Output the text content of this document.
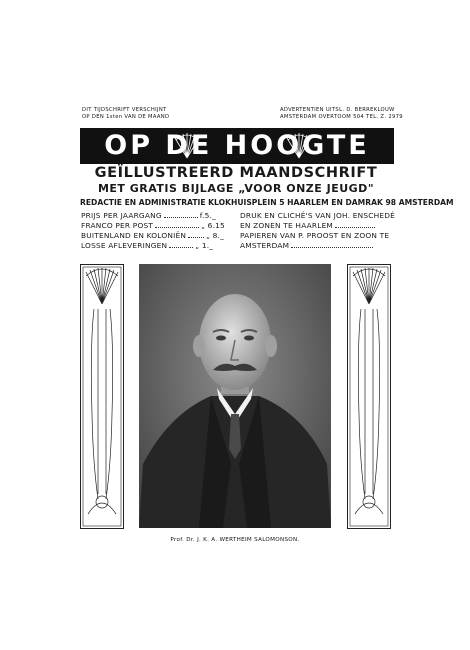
DIT TIJDSCHRIFT VERSCHIJNT
OP DEN 1sten VAN DE MAAND
ADVERTENTIEN UITSL. D. BERREKLOUW
AMSTERDAM OVERTOOM 504 TEL. Z. 2979
OP DE HOOGTE
GEÏLLUSTREERD MAANDSCHRIFT
MET GRATIS BIJLAGE „VOOR ONZE JEUGD"
REDACTIE EN ADMINISTRATIE KLOKHUISPLEIN 5 HAARLEM EN DAMRAK 98 AMSTERDAM
PRIJS PER JAARGANG	f.5._
FRANCO PER POST	„ 6.15
BUITENLAND EN KOLONIËN	„ 8._
LOSSE AFLEVERINGEN	„ 1._
DRUK EN CLICHÉ'S VAN JOH. ENSCHEDÉ
EN ZONEN TE HAARLEM
PAPIEREN VAN P. PROOST EN ZOON TE
AMSTERDAM
Prof. Dr. J. K. A. WERTHEIM SALOMONSON.
